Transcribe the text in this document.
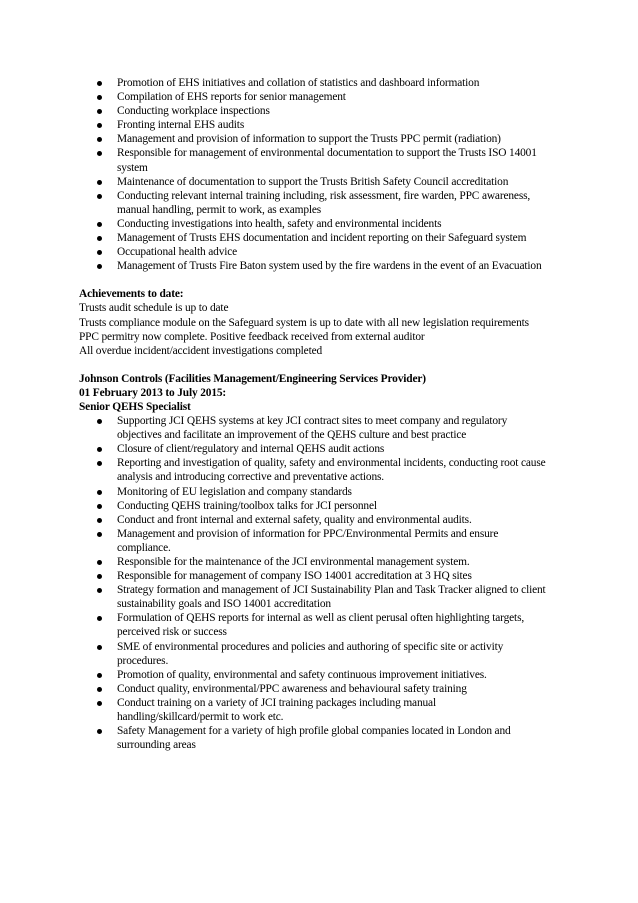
Promotion of EHS initiatives and collation of statistics and dashboard information
Compilation of EHS reports for senior management
Conducting workplace inspections
Fronting internal EHS audits
Management and provision of information to support the Trusts PPC permit (radiation)
Responsible for management of environmental documentation to support the Trusts ISO 14001 system
Maintenance of documentation to support the Trusts British Safety Council accreditation
Conducting relevant internal training including, risk assessment, fire warden, PPC awareness, manual handling, permit to work, as examples
Conducting investigations into health, safety and environmental incidents
Management of Trusts EHS documentation and incident reporting on their Safeguard system
Occupational health advice
Management of Trusts Fire Baton system used by the fire wardens in the event of an Evacuation
Achievements to date:
Trusts audit schedule is up to date
Trusts compliance module on the Safeguard system is up to date with all new legislation requirements
PPC permitry now complete. Positive feedback received from external auditor
All overdue incident/accident investigations completed
Johnson Controls (Facilities Management/Engineering Services Provider)
01 February 2013 to July 2015:
Senior QEHS Specialist
Supporting JCI QEHS systems at key JCI contract sites to meet company and regulatory objectives and facilitate an improvement of the QEHS culture and best practice
Closure of client/regulatory and internal QEHS audit actions
Reporting and investigation of quality, safety and environmental incidents, conducting root cause analysis and introducing corrective and preventative actions.
Monitoring of EU legislation and company standards
Conducting QEHS training/toolbox talks for JCI personnel
Conduct and front internal and external safety, quality and environmental audits.
Management and provision of information for PPC/Environmental Permits and ensure compliance.
Responsible for the maintenance of the JCI environmental management system.
Responsible for management of company ISO 14001 accreditation at 3 HQ sites
Strategy formation and management of JCI Sustainability Plan and Task Tracker aligned to client sustainability goals and ISO 14001 accreditation
Formulation of QEHS reports for internal as well as client perusal often highlighting targets, perceived risk or success
SME of environmental procedures and policies and authoring of specific site or activity procedures.
Promotion of quality, environmental and safety continuous improvement initiatives.
Conduct quality, environmental/PPC awareness and behavioural safety training
Conduct training on a variety of JCI training packages including manual handling/skillcard/permit to work etc.
Safety Management for a variety of high profile global companies located in London and surrounding areas
